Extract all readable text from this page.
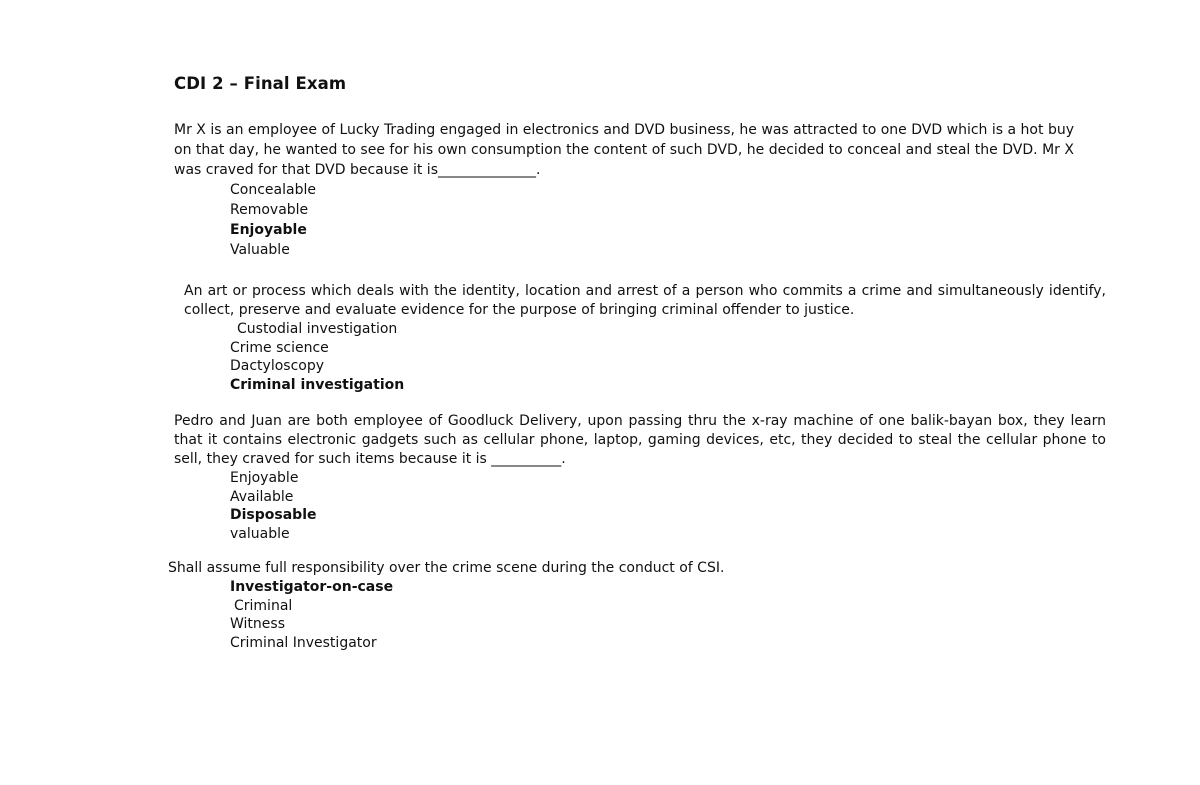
CDI 2 – Final Exam

Mr X is an employee of Lucky Trading engaged in electronics and DVD business, he was attracted to one DVD which is a hot buy on that day, he wanted to see for his own consumption the content of such DVD, he decided to conceal and steal the DVD. Mr X was craved for that DVD because it is______________.

Concealable
Removable
Enjoyable
Valuable

An art or process which deals with the identity, location and arrest of a person who commits a crime and simultaneously identify, collect, preserve and evaluate evidence for the purpose of bringing criminal offender to justice.

Custodial investigation
Crime science
Dactyloscopy
Criminal investigation

Pedro and Juan are both employee of Goodluck Delivery, upon passing thru the x-ray machine of one balik-bayan box, they learn that it contains electronic gadgets such as cellular phone, laptop, gaming devices, etc, they decided to steal the cellular phone to sell, they craved for such items because it is __________.

Enjoyable
Available
Disposable
valuable

Shall assume full responsibility over the crime scene during the conduct of CSI.

Investigator-on-case
Criminal
Witness
Criminal Investigator
